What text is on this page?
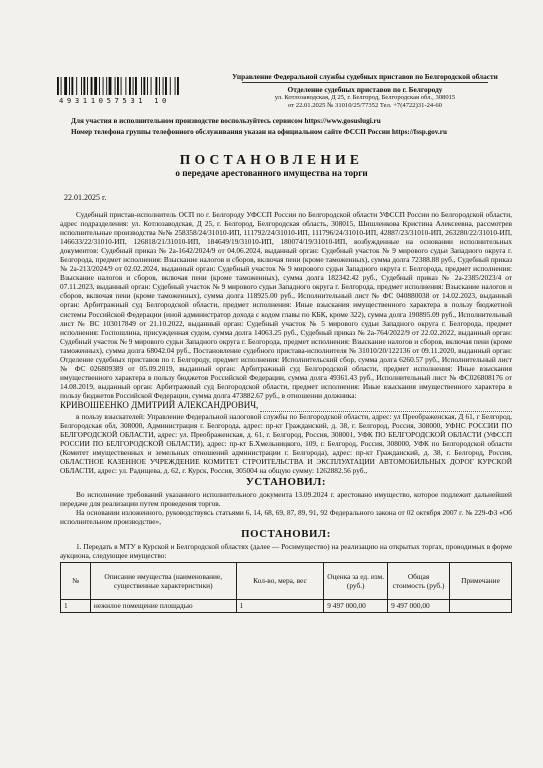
49311057531 10
Управление Федеральной службы судебных приставов по Белгородской области
Отделение судебных приставов по г. Белгороду
ул. Котлозаводская, Д 25, г. Белгород, Белгородская обл., 308015
от 22.01.2025 № 31010/25/77352 Тел. +7(4722)31-24-60
Для участия в исполнительном производстве воспользуйтесь сервисом https://www.gosuslugi.ru
Номер телефона группы телефонного обслуживания указан на официальном сайте ФССП России https://fssp.gov.ru
ПОСТАНОВЛЕНИЕ
о передаче арестованного имущества на торги
22.01.2025 г.

Судебный пристав-исполнитель ОСП по г. Белгороду УФССП России по Белгородской области УФССП России по Белгородской области, адрес подразделения: ул. Котлозаводская, Д 25, г. Белгород, Белгородская область, 308015, Шишленкова Кристина Алексеевна, рассмотрев исполнительные производства №№ 258358/24/31010-ИП, 111792/24/31010-ИП, 111796/24/31010-ИП, 42887/23/31010-ИП, 263280/22/31010-ИП, 146633/22/31010-ИП, 126818/21/31010-ИП, 184649/19/31010-ИП, 180074/19/31010-ИП, возбужденные на основании исполнительных документов: Судебный приказ № 2а-1642/2024/9 от 04.06.2024, выданный орган: Судебный участок № 9 мирового судьи Западного округа г. Белгорода, предмет исполнения: Взыскание налогов и сборов, включая пени (кроме таможенных), сумма долга 72388.88 руб., Судебный приказ № 2а-213/2024/9 от 02.02.2024, выданный орган: Судебный участок № 9 мирового судьи Западного округа г. Белгорода, предмет исполнения: Взыскание налогов и сборов, включая пени (кроме таможенных), сумма долга 182342.42 руб., Судебный приказ № 2а-2385/2023/4 от 07.11.2023, выданный орган: Судебный участок № 9 мирового судьи Западного округа г. Белгорода, предмет исполнения: Взыскание налогов и сборов, включая пени (кроме таможенных), сумма долга 118925.00 руб., Исполнительный лист № ФС 040880038 от 14.02.2023, выданный орган: Арбитражный суд Белгородской области, предмет исполнения: Иные взыскания имущественного характера в пользу бюджетной системы Российской Федерации (иной администратор дохода с кодом главы по КБК, кроме 322), сумма долга 190895.09 руб., Исполнительный лист № ВС 103017849 от 21.10.2022, выданный орган: Судебный участок № 5 мирового судьи Западного округа г. Белгорода, предмет исполнения: Госпошлина, присужденная судом, сумма долга 14063.25 руб., Судебный приказ № 2а-764/2022/9 от 22.02.2022, выданный орган: Судебный участок № 9 мирового судьи Западного округа г. Белгорода, предмет исполнения: Взыскание налогов и сборов, включая пени (кроме таможенных), сумма долга 68042.04 руб., Постановление судебного пристава-исполнителя № 31010/20/122136 от 09.11.2020, выданный орган: Отделение судебных приставов по г. Белгороду, предмет исполнения: Исполнительский сбор, сумма долга 6260.57 руб., Исполнительный лист № ФС 026809389 от 05.09.2019, выданный орган: Арбитражный суд Белгородской области, предмет исполнения: Иные взыскания имущественного характера в пользу бюджетов Российской Федерации, сумма долга 49361.43 руб., Исполнительный лист № ФС026808176 от 14.08.2019, выданный орган: Арбитражный суд Белгородской области, предмет исполнения: Иные взыскания имущественного характера в пользу бюджетов Российской Федерации, сумма долга 473882.67 руб., в отношении должника:

КРИВОШЕЕНКО ДМИТРИЙ АЛЕКСАНДРОВИЧ,

в пользу взыскателей: Управление Федеральной налоговой службы по Белгородской области, адрес: ул Преображенская, Д 61, г Белгород, Белгородская обл, 308000, Администрация г. Белгорода, адрес: пр-кт Гражданский, д. 38, г. Белгород, Россия, 308000, УФНС РОССИИ ПО БЕЛГОРОДСКОЙ ОБЛАСТИ, адрес: ул. Преображенская, д. 61, г. Белгород, Россия, 308001, УФК ПО БЕЛГОРОДСКОЙ ОБЛАСТИ (УФССП РОССИИ ПО БЕЛГОРОДСКОЙ ОБЛАСТИ), адрес: пр-кт Б.Хмельницкого, 109, г. Белгород, Россия, 308000, УФК по Белгородской области (Комитет имущественных и земельных отношений администрации г. Белгорода), адрес: пр-кт Гражданский, д. 38, г. Белгород, Россия, ОБЛАСТНОЕ КАЗЕННОЕ УЧРЕЖДЕНИЕ КОМИТЕТ СТРОИТЕЛЬСТВА И ЭКСПЛУАТАЦИИ АВТОМОБИЛЬНЫХ ДОРОГ КУРСКОЙ ОБЛАСТИ, адрес: ул. Радищева, д. 62, г. Курск, Россия, 305004 на общую сумму: 1262882.56 руб.,

УСТАНОВИЛ:

Во исполнение требований указанного исполнительного документа 13.09.2024 г. арестовано имущество, которое подлежит дальнейшей передаче для реализации путем проведения торгов.

На основании изложенного, руководствуясь статьями 6, 14, 68, 69, 87, 89, 91, 92 Федерального закона от 02 октября 2007 г. № 229-ФЗ «Об исполнительном производстве»,

ПОСТАНОВИЛ:

1. Передать в МТУ в Курской и Белгородской областях (далее — Росимущество) на реализацию на открытых торгах, проводимых в форме аукциона, следующее имущество:

№	Описание имущества (наименование, существенные характеристики)	Кол-во, мера, вес	Оценка за ед. изм. (руб.)	Общая стоимость (руб.)	Примечание
1	нежилое помещение площадью	1	9 497 000,00	9 497 000,00	
